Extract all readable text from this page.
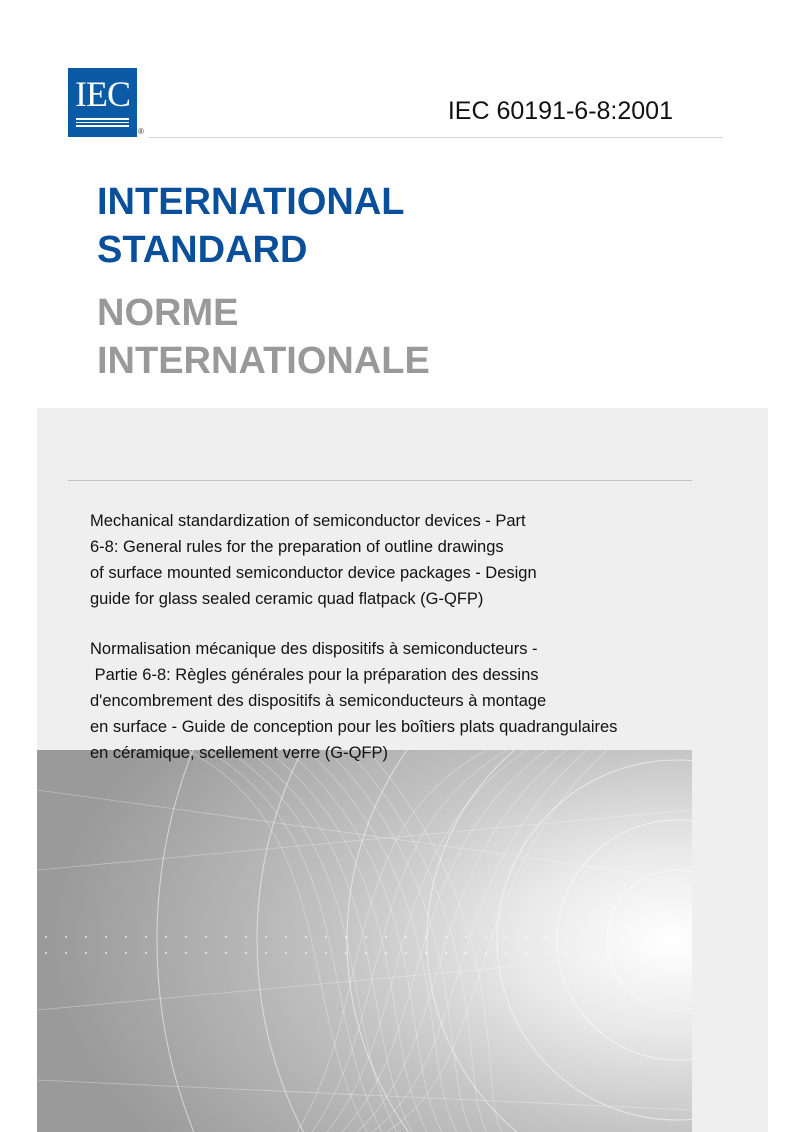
IEC
®
IEC 60191-6-8:2001
INTERNATIONAL
STANDARD
NORME
INTERNATIONALE
Mechanical standardization of semiconductor devices - Part
6-8: General rules for the preparation of outline drawings
of surface mounted semiconductor device packages - Design
guide for glass sealed ceramic quad flatpack (G-QFP)
Normalisation mécanique des dispositifs à semiconducteurs -
Partie 6-8: Règles générales pour la préparation des dessins
d'encombrement des dispositifs à semiconducteurs à montage
en surface - Guide de conception pour les boîtiers plats quadrangulaires
en céramique, scellement verre (G-QFP)
